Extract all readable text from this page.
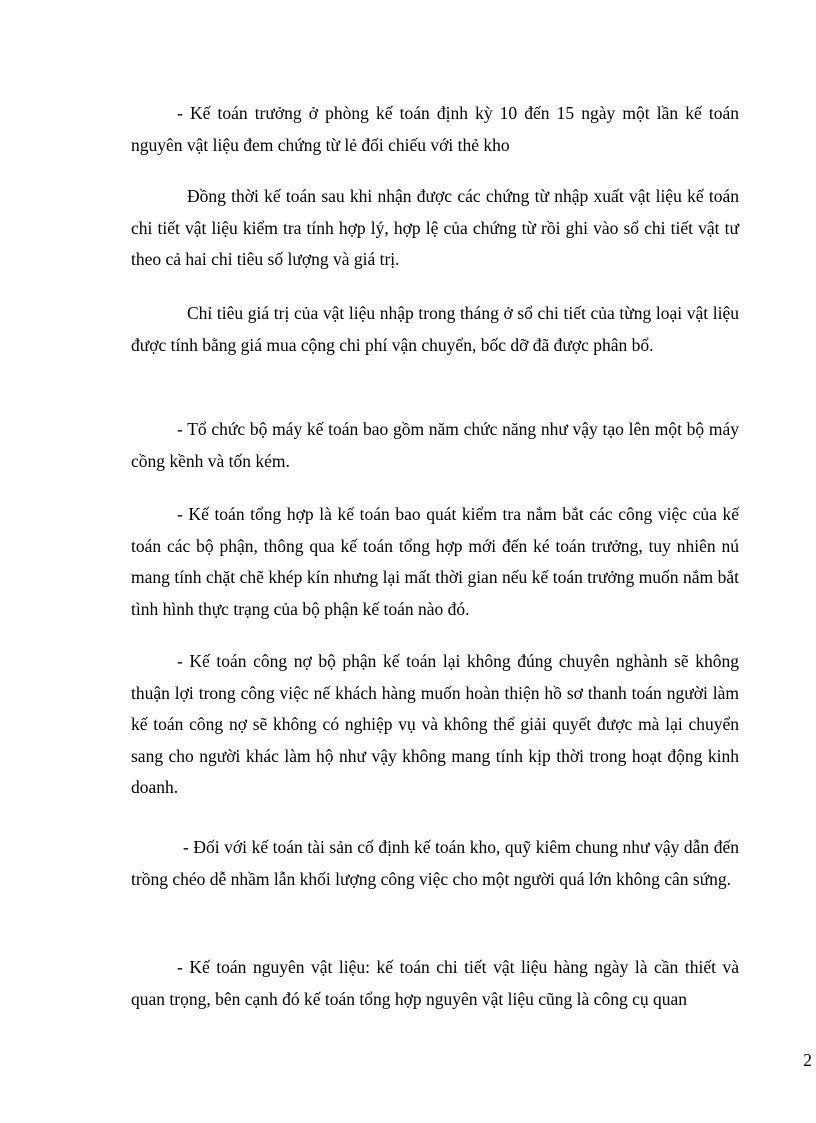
- Kế toán trưởng ở phòng kế toán định kỳ 10 đến 15 ngày một lần kế toán nguyên vật liệu đem chứng từ lẻ đối chiếu với thẻ kho

Đồng thời kế toán sau khi nhận được các chứng từ nhập xuất vật liệu kế toán chi tiết vật liệu kiểm tra tính hợp lý, hợp lệ của chứng từ rồi ghi vào sổ chi tiết vật tư theo cả hai chỉ tiêu số lượng và giá trị.

Chỉ tiêu giá trị của vật liệu nhập trong tháng ở sổ chi tiết của từng loại vật liệu được tính bằng giá mua cộng chi phí vận chuyển, bốc dỡ đã được phân bổ.

- Tổ chức bộ máy kế toán bao gồm năm chức năng như vậy tạo lên một bộ máy cồng kềnh và tốn kém.

- Kế toán tổng hợp là kế toán bao quát kiểm tra nắm bắt các công việc của kế toán các bộ phận, thông qua kế toán tổng hợp mới đến ké toán trưởng, tuy nhiên nú mang tính chặt chẽ khép kín nhưng lại mất thời gian nếu kế toán trưởng muốn nắm bắt tình hình thực trạng của bộ phận kế toán nào đó.

- Kế toán công nợ bộ phận kế toán lại không đúng chuyên nghành sẽ không thuận lợi trong công việc nế khách hàng muốn hoàn thiện hồ sơ thanh toán người làm kế toán công nợ sẽ không có nghiệp vụ và không thể giải quyết được mà lại chuyển sang cho người khác làm hộ như vậy không mang tính kịp thời trong hoạt động kinh doanh.

- Đối với kế toán tài sản cố định kế toán kho, quỹ kiêm chung như vậy dẫn đến trồng chéo dễ nhầm lẫn khối lượng công việc cho một người quá lớn không cân sứng.

- Kế toán nguyên vật liệu: kế toán chi tiết vật liệu hàng ngày là cần thiết và quan trọng, bên cạnh đó kế toán tổng hợp nguyên vật liệu cũng là công cụ quan

2
